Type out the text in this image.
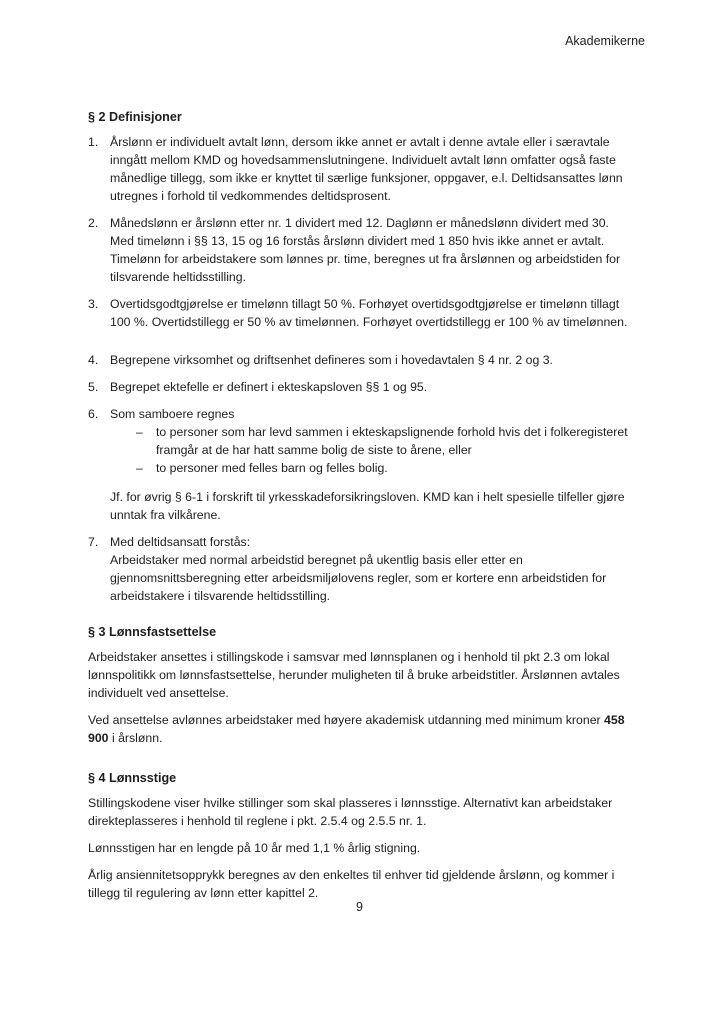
Akademikerne
§ 2 Definisjoner
1. Årslønn er individuelt avtalt lønn, dersom ikke annet er avtalt i denne avtale eller i særavtale inngått mellom KMD og hovedsammenslutningene. Individuelt avtalt lønn omfatter også faste månedlige tillegg, som ikke er knyttet til særlige funksjoner, oppgaver, e.l. Deltidsansattes lønn utregnes i forhold til vedkommendes deltidsprosent.
2. Månedslønn er årslønn etter nr. 1 dividert med 12. Daglønn er månedslønn dividert med 30. Med timelønn i §§ 13, 15 og 16 forstås årslønn dividert med 1 850 hvis ikke annet er avtalt. Timelønn for arbeidstakere som lønnes pr. time, beregnes ut fra årslønnen og arbeidstiden for tilsvarende heltidsstilling.
3. Overtidsgodtgjørelse er timelønn tillagt 50 %. Forhøyet overtidsgodtgjørelse er timelønn tillagt 100 %. Overtidstillegg er 50 % av timelønnen. Forhøyet overtidstillegg er 100 % av timelønnen.
4. Begrepene virksomhet og driftsenhet defineres som i hovedavtalen § 4 nr. 2 og 3.
5. Begrepet ektefelle er definert i ekteskapsloven §§ 1 og 95.
6. Som samboere regnes
– to personer som har levd sammen i ekteskapslignende forhold hvis det i folkeregisteret framgår at de har hatt samme bolig de siste to årene, eller
– to personer med felles barn og felles bolig.
Jf. for øvrig § 6-1 i forskrift til yrkesskadeforsikringsloven. KMD kan i helt spesielle tilfeller gjøre unntak fra vilkårene.
7. Med deltidsansatt forstås:
Arbeidstaker med normal arbeidstid beregnet på ukentlig basis eller etter en gjennomsnittsberegning etter arbeidsmiljølovens regler, som er kortere enn arbeidstiden for arbeidstakere i tilsvarende heltidsstilling.
§ 3 Lønnsfastsettelse

Arbeidstaker ansettes i stillingskode i samsvar med lønnsplanen og i henhold til pkt 2.3 om lokal lønnspolitikk om lønnsfastsettelse, herunder muligheten til å bruke arbeidstitler. Årslønnen avtales individuelt ved ansettelse.

Ved ansettelse avlønnes arbeidstaker med høyere akademisk utdanning med minimum kroner 458 900 i årslønn.

§ 4 Lønnsstige

Stillingskodene viser hvilke stillinger som skal plasseres i lønnsstige. Alternativt kan arbeidstaker direkteplasseres i henhold til reglene i pkt. 2.5.4 og 2.5.5 nr. 1.

Lønnsstigen har en lengde på 10 år med 1,1 % årlig stigning.

Årlig ansiennitetsopprykk beregnes av den enkeltes til enhver tid gjeldende årslønn, og kommer i tillegg til regulering av lønn etter kapittel 2.

9
